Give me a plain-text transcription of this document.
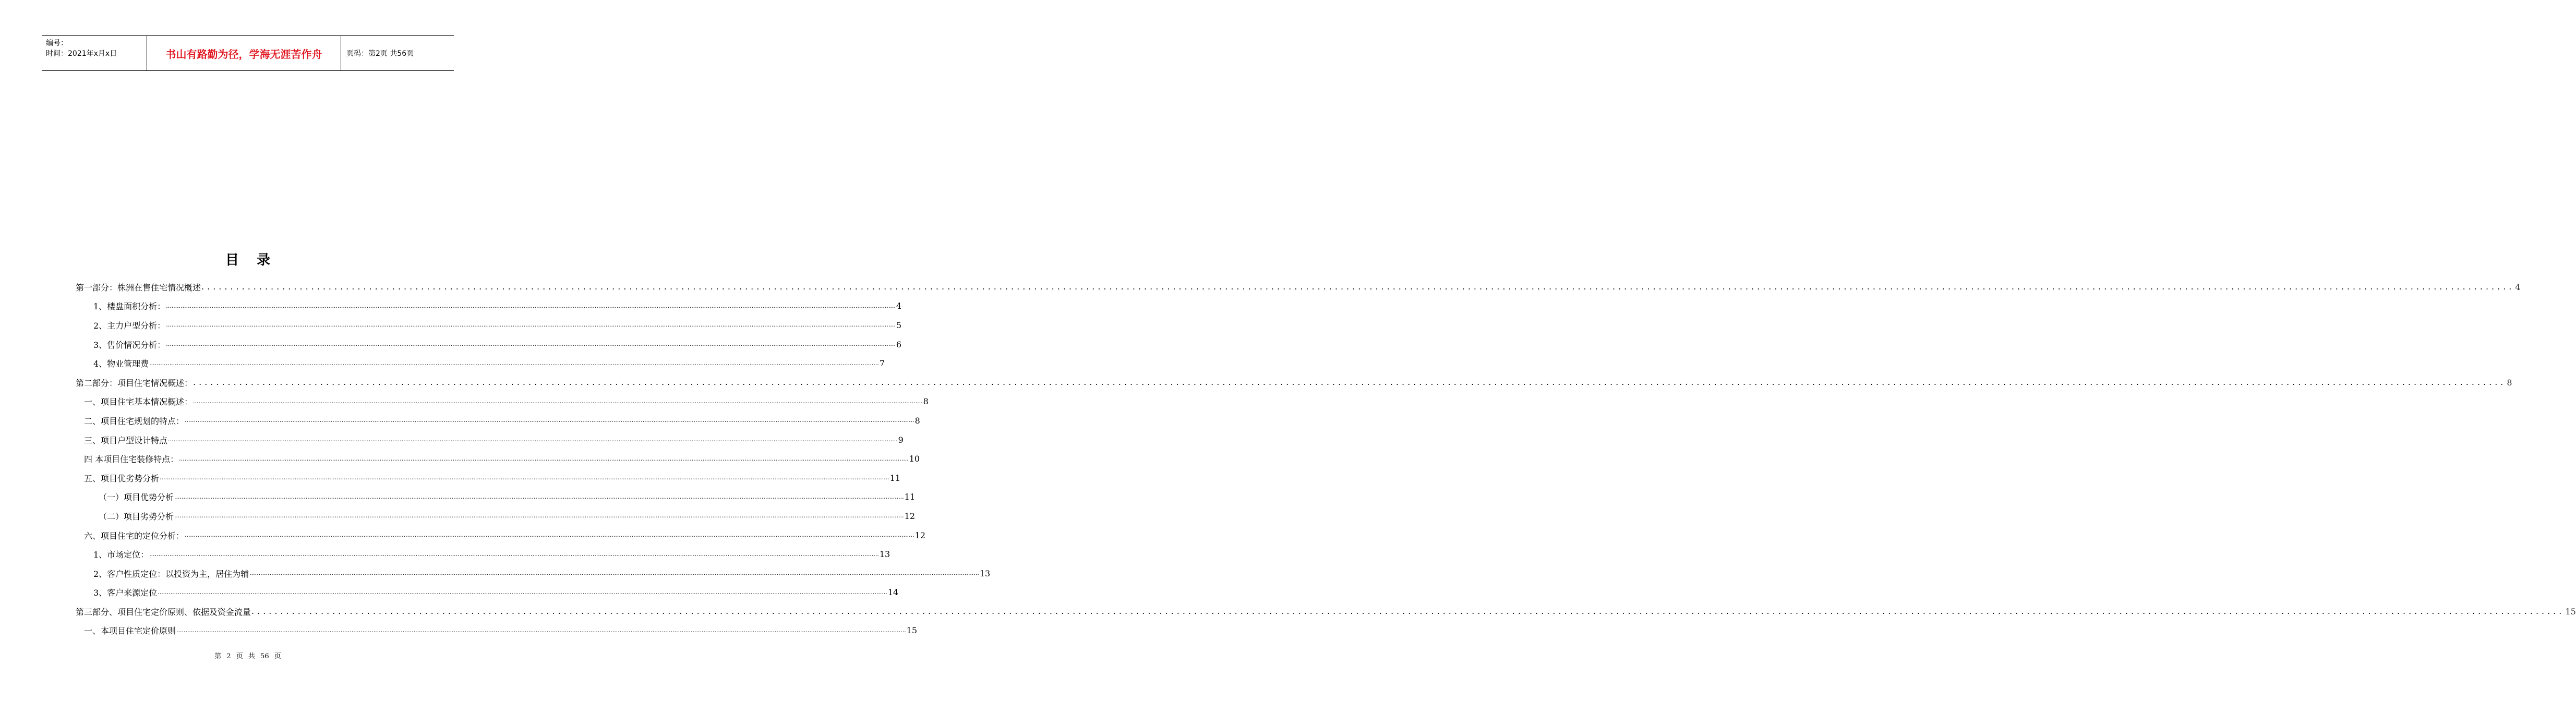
编号：
时间：2021年x月x日	书山有路勤为径，学海无涯苦作舟	页码：第2页 共56页
目录
第一部分：株洲在售住宅情况概述 ................................................................................................................................................................................................................................................................................................................................................................................................................ 4
1、楼盘面积分析： ................................................................................................................................................................................................................................................................................................................................................................................................................ 4
2、主力户型分析： ................................................................................................................................................................................................................................................................................................................................................................................................................ 5
3、售价情况分析： ................................................................................................................................................................................................................................................................................................................................................................................................................ 6
4、物业管理费 ................................................................................................................................................................................................................................................................................................................................................................................................................ 7
第二部分：项目住宅情况概述： ................................................................................................................................................................................................................................................................................................................................................................................................................ 8
一、项目住宅基本情况概述： ................................................................................................................................................................................................................................................................................................................................................................................................................ 8
二、项目住宅规划的特点： ................................................................................................................................................................................................................................................................................................................................................................................................................ 8
三、项目户型设计特点 ................................................................................................................................................................................................................................................................................................................................................................................................................ 9
四 本项目住宅装修特点： ................................................................................................................................................................................................................................................................................................................................................................................................................ 10
五、项目优劣势分析 ................................................................................................................................................................................................................................................................................................................................................................................................................ 11
（一）项目优势分析 ................................................................................................................................................................................................................................................................................................................................................................................................................ 11
（二）项目劣势分析 ................................................................................................................................................................................................................................................................................................................................................................................................................ 12
六、项目住宅的定位分析： ................................................................................................................................................................................................................................................................................................................................................................................................................ 12
1、市场定位： ................................................................................................................................................................................................................................................................................................................................................................................................................ 13
2、客户性质定位：以投资为主，居住为辅 ................................................................................................................................................................................................................................................................................................................................................................................................................ 13
3、客户来源定位 ................................................................................................................................................................................................................................................................................................................................................................................................................ 14
第三部分、项目住宅定价原则、依据及资金流量 ................................................................................................................................................................................................................................................................................................................................................................................................................ 15
一、本项目住宅定价原则 ................................................................................................................................................................................................................................................................................................................................................................................................................ 15
第 2 页 共 56 页
